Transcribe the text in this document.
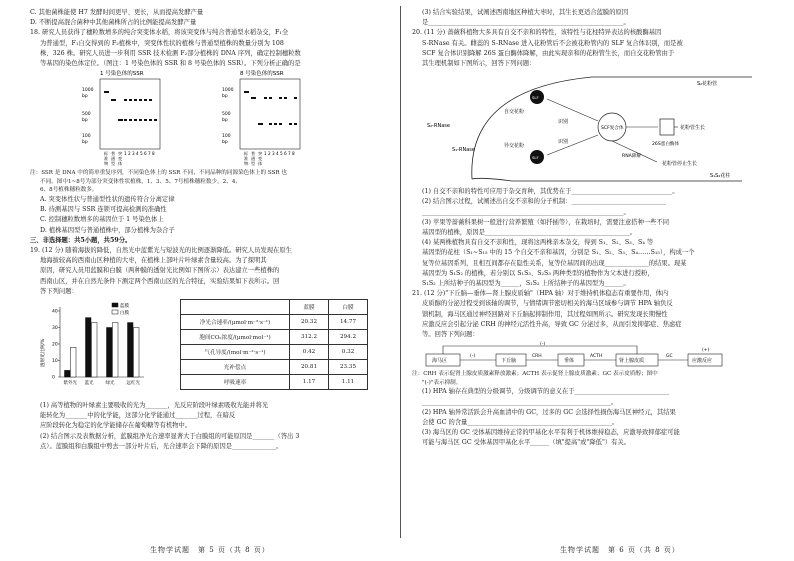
C. 其他菌株能使 H7 发酵时间更早、更长，从而提高发酵产量
D. 不断提高混合菌种中其他菌株所占的比例能提高发酵产量
18. 研究人员获得了穗粒数增多的纯合突变体水稻，将该突变体与纯合普通型水稻杂交，F₁全
为普通型，F₁自交得到的 F₂植株中，突变体性状的植株与普通型植株的数量分别为 108
株、326 株。研究人员进一步利用 SSR 技术检测 F₂部分植株的 DNA 序列，确定控制穗粒数
等基因的染色体定位。（图注：1 号染色体的 SSR 和 8 号染色体的 SSR）。下列分析正确的是
1 号染色体的SSR
1000
bp
500
bp
100
bp
1 2 3 4 5 6 7 8
标 普 突
准 通 变
物 型 体
8 号染色体的SSR
1000
bp
500
bp
100
bp
1 2 3 4 5 6 7 8
标 普 突
准 通 变
物 型 体
注：SSR 是 DNA 中的简单重复序列，不同染色体上的 SSR 不同，不同品种的同源染色体上的 SSR 也
不同。图中1~8号为部分突变体性状植株，1、3、5、7号植株穗粒数少，2、4、
6、8号植株穗粒数多。
A. 突变体性状与普通型性状的遗传符合分离定律
B. 待测基因与 SSR 连锁可提高检测的准确性
C. 控制穗粒数增多的基因位于 1 号染色体上
D. 植株基因型与普通植株中，部分植株为杂合子
三、非选择题：共5小题，共59分。
19. (12 分) 随着海拔的降低，自然光中蓝紫光与短波光的比例逐渐降低。研究人员发现在原生
地海拔较高的西南山区种植的大枣，在植株上部叶片叶绿素含量较高。为了探明其
原因，研究人员用蓝膜和白膜（两种膜的透射光比例如下图所示）表达建立一些植株的
西南山区，并在自然光条件下测定两个西南山区的光合特征，实验结果如下表所示。回
答下列问题：
0
10
20
30
40
透射光比例/%
紫外光 蓝光	绿光	远红光
蓝膜
白膜
	蓝膜	白膜
净光合速率/(μmol·m⁻²·s⁻¹)	20.32	14.77
胞间CO₂浓度/(μmol·mol⁻¹)	312.2	294.2
气孔导度/(mol·m⁻²·s⁻¹)	0.42	0.32
光补偿点	20.81	23.35
呼吸速率	1.17	1.11
(1) 高等植物的叶绿素主要吸收的光为_______，光反应阶段叶绿素吸收光能并将光
能转化为_______中的化学能，这部分化学能通过_______过程，在暗反
应阶段转化为稳定的化学能储存在葡萄糖等有机物中。
(2) 结合图示及表数据分析，蓝膜组净光合速率显著大于白膜组的可能原因是_______（答出 3
点）。蓝膜组和白膜组中剪去一部分叶片后，光合速率会下降的原因是______________。
(3) 结合实验结果，试阐述西南地区种植大枣时，其生长更适合蓝膜的原因
是______________________________________________________________。
20. (11 分) 蔷薇科植物大多具有自交不亲和的特性，该特性与花柱特异表达的核酸酶基因
S-RNase 有关。雌蕊的 S-RNase 进入花粉管后不会被花粉管内的 SLF 复合体识别，而是被
SCF 复合体识别降解 26S 蛋白酶体降解，由此实现亲和的花粉管生长，而自交花粉管由于
其生理机制如下图所示，回答下列问题：
S₂花粉管
S₂-RNase
S₁-RNase
自交花粉
异交花粉
SLF
SLF
识别
识别
SCF复合体
26S蛋白酶体
花粉管生长
RNA降解
花粉管停止生长
S₁S₂花柱
(1) 自交不亲和的特性可应用于杂交育种，其优势在于________________________________。
(2) 结合图示过程，试阐述出自交不亲和的分子机制：______________________________
________________________________________________________________。
(3) 苹果等蔷薇科果树一般进行营养繁殖（如扦插等），在栽培时，需要注意搭种一些不同
基因型的植株，原因是______________________________________________。
(4) 某两株植物具有自交不亲和性，现将这两株亲本杂交，得到 S₁、S₂、S₃、S₄ 等
基因型的花柱（S₁~S₁₅ 中的 15 个自交不亲和基因，分别是 S₁、S₂、S₃、S₄……S₁₅），构成一个
复等位基因系列，且相互间都存在隐性关系，复等位基因间的出现______________的结果。现某
基因型为 S₁S₂ 的植株，若分别以 S₁S₃、S₂S₃ 两种类型的植物作为父本进行授粉，
S₁S₂ 上所结种子的基因型为______，S₁S₂ 上所结种子的基因型为______。
21. (12 分)"下丘脑—垂体—肾上腺皮质轴"（HPA 轴）对于维持机体稳态有重要作用，体内
皮质醇的分泌过程受到该轴的调节，与情绪调节密切相关的海马区域参与调节 HPA 轴负反
馈机制，海马区通过神经回路对下丘脑起抑制作用，其过程如图所示。研究发现长期慢性
应激反应会引起分泌 CRH 的神经元活性升高，导致 GC 分泌过多，从而引发抑郁症、焦虑症
等。回答下列问题：
海马区	下丘脑	垂体	肾上腺皮质	应激反应
(-)	CRH	ACTH	GC
(-)
(+)
注：CRH 表示促肾上腺皮质激素释放激素；ACTH 表示促肾上腺皮质激素；GC 表示皮质醇；图中
"(-)"表示抑制。
(1) HPA 轴存在典型的分级调节，分级调节的意义在于______________________________
____________________________________________________________。
(2) HPA 轴异常活跃会升高血清中的 GC，过多的 GC 会选择性损伤海马区神经元，其结果
会使 GC 的含量______________________________________________。
(3) 海马区的 GC 受体基因维持正常的甲基化水平有利于机体维持稳态，应激导致抑郁症可能
可能与海马区 GC 受体基因甲基化水平______（填"提高"或"降低"）有关。
生物学试题　第 5 页（共 8 页）	生物学试题　第 6 页（共 8 页）
